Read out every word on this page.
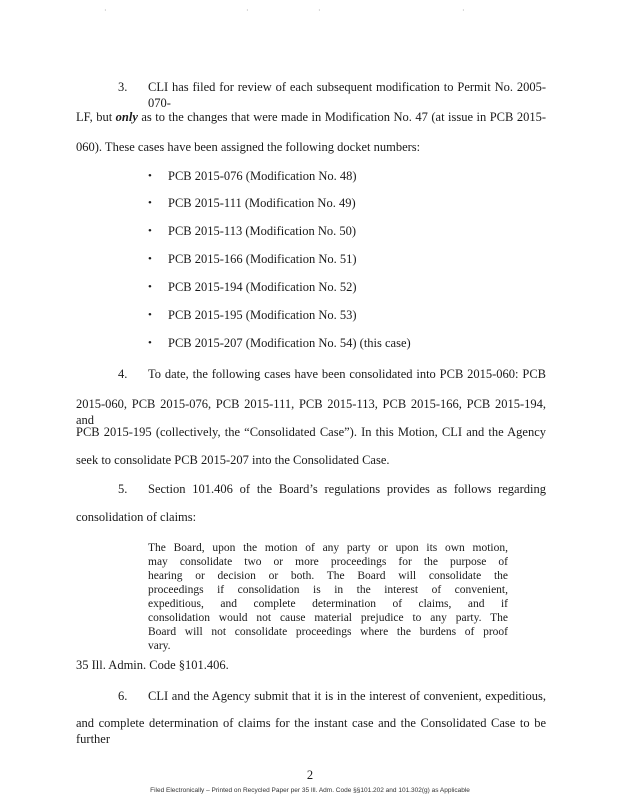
·	·	·	·
3. CLI has filed for review of each subsequent modification to Permit No. 2005-070-
LF, but only as to the changes that were made in Modification No. 47 (at issue in PCB 2015-
060). These cases have been assigned the following docket numbers:
• PCB 2015-076 (Modification No. 48)
• PCB 2015-111 (Modification No. 49)
• PCB 2015-113 (Modification No. 50)
• PCB 2015-166 (Modification No. 51)
• PCB 2015-194 (Modification No. 52)
• PCB 2015-195 (Modification No. 53)
• PCB 2015-207 (Modification No. 54) (this case)
4. To date, the following cases have been consolidated into PCB 2015-060: PCB
2015-060, PCB 2015-076, PCB 2015-111, PCB 2015-113, PCB 2015-166, PCB 2015-194, and
PCB 2015-195 (collectively, the “Consolidated Case”). In this Motion, CLI and the Agency
seek to consolidate PCB 2015-207 into the Consolidated Case.
5. Section 101.406 of the Board’s regulations provides as follows regarding
consolidation of claims:
The Board, upon the motion of any party or upon its own motion,
may consolidate two or more proceedings for the purpose of
hearing or decision or both. The Board will consolidate the
proceedings if consolidation is in the interest of convenient,
expeditious, and complete determination of claims, and if
consolidation would not cause material prejudice to any party. The
Board will not consolidate proceedings where the burdens of proof
vary.
35 Ill. Admin. Code §101.406.
6. CLI and the Agency submit that it is in the interest of convenient, expeditious,
and complete determination of claims for the instant case and the Consolidated Case to be further
2
Filed Electronically – Printed on Recycled Paper per 35 Ill. Adm. Code §§101.202 and 101.302(g) as Applicable
